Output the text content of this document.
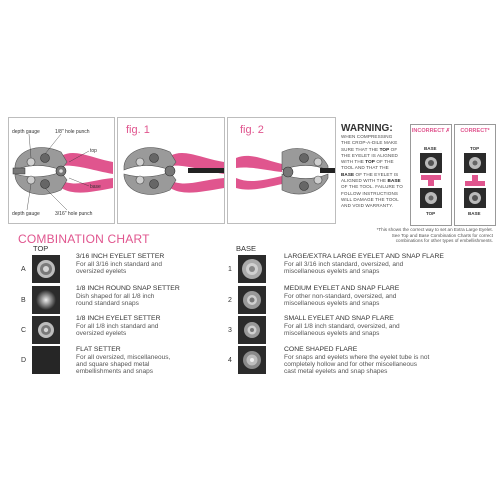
depth gauge	1/8" hole punch
top
base
depth gauge	3/16" hole punch
fig. 1	fig. 2	WARNING:
WHEN COMPRESSING
THE CROP-A-DILE MAKE
SURE THAT THE TOP OF
THE EYELET IS ALIGNED
WITH THE TOP OF THE
TOOL AND THAT THE
BASE OF THE EYELET IS
ALIGNED WITH THE BASE
OF THE TOOL. FAILURE TO
FOLLOW INSTRUCTIONS
WILL DAMAGE THE TOOL
AND VOID WARRANTY.
INCORRECT✗
BASE
TOP
CORRECT*
TOP
BASE
*This shows the correct way to set an Extra Large Eyelet.
See Top and Base Combination Charts for correct
combinations for other types of embellishments.
COMBINATION CHART
TOP	BASE
A
3/16 INCH EYELET SETTER
For all 3/16 inch standard and
oversized eyelets
B
1/8 INCH ROUND SNAP SETTER
Dish shaped for all 1/8 inch
round standard snaps
C
1/8 INCH EYELET SETTER
For all 1/8 inch standard and
oversized eyelets
D
FLAT SETTER
For all oversized, miscellaneous,
and square shaped metal
embellishments and snaps
1
LARGE/EXTRA LARGE EYELET AND SNAP FLARE
For all 3/16 inch standard, oversized, and
miscellaneous eyelets and snaps
2
MEDIUM EYELET AND SNAP FLARE
For other non-standard, oversized, and
miscellaneous eyelets and snaps
3
SMALL EYELET AND SNAP FLARE
For all 1/8 inch standard, oversized, and
miscellaneous eyelets and snaps
4
CONE SHAPED FLARE
For snaps and eyelets where the eyelet tube is not
completely hollow and for other miscellaneous
cast metal eyelets and snap shapes
